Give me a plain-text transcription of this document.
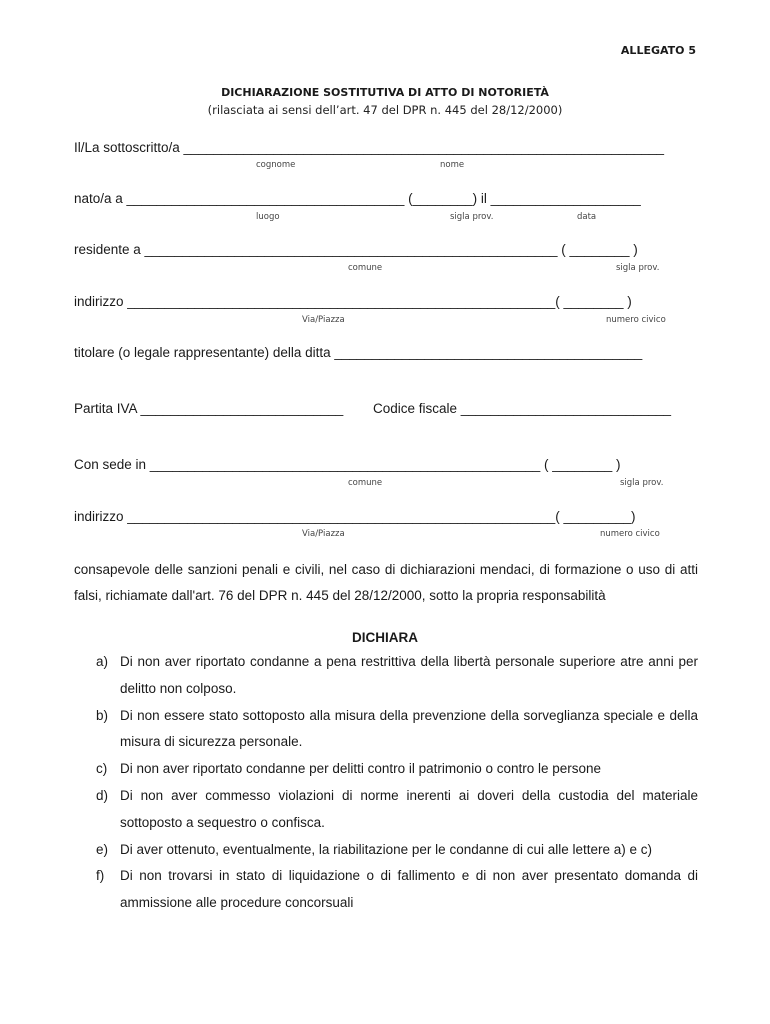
ALLEGATO 5
DICHIARAZIONE SOSTITUTIVA DI ATTO DI NOTORIETÀ
(rilasciata ai sensi dell’art. 47 del DPR n. 445 del 28/12/2000)
Il/La sottoscritto/a ________________________________________________________________
cognome	nome
nato/a a _____________________________________ (________) il ____________________
luogo	sigla prov.	data
residente a _______________________________________________________ ( ________ )
comune	sigla prov.
indirizzo _________________________________________________________( ________ )
Via/Piazza	numero civico
titolare (o legale rappresentante) della ditta _________________________________________
Partita IVA ___________________________ Codice fiscale ____________________________
Con sede in ____________________________________________________ ( ________ )
comune	sigla prov.
indirizzo _________________________________________________________( _________)
Via/Piazza	numero civico
consapevole delle sanzioni penali e civili, nel caso di dichiarazioni mendaci, di formazione o uso di atti falsi, richiamate dall'art. 76 del DPR n. 445 del 28/12/2000, sotto la propria responsabilità
DICHIARA
a) Di non aver riportato condanne a pena restrittiva della libertà personale superiore atre anni per delitto non colposo.
b) Di non essere stato sottoposto alla misura della prevenzione della sorveglianza speciale e della misura di sicurezza personale.
c) Di non aver riportato condanne per delitti contro il patrimonio o contro le persone
d) Di non aver commesso violazioni di norme inerenti ai doveri della custodia del materiale sottoposto a sequestro o confisca.
e) Di aver ottenuto, eventualmente, la riabilitazione per le condanne di cui alle lettere a) e c)
f) Di non trovarsi in stato di liquidazione o di fallimento e di non aver presentato domanda di ammissione alle procedure concorsuali
